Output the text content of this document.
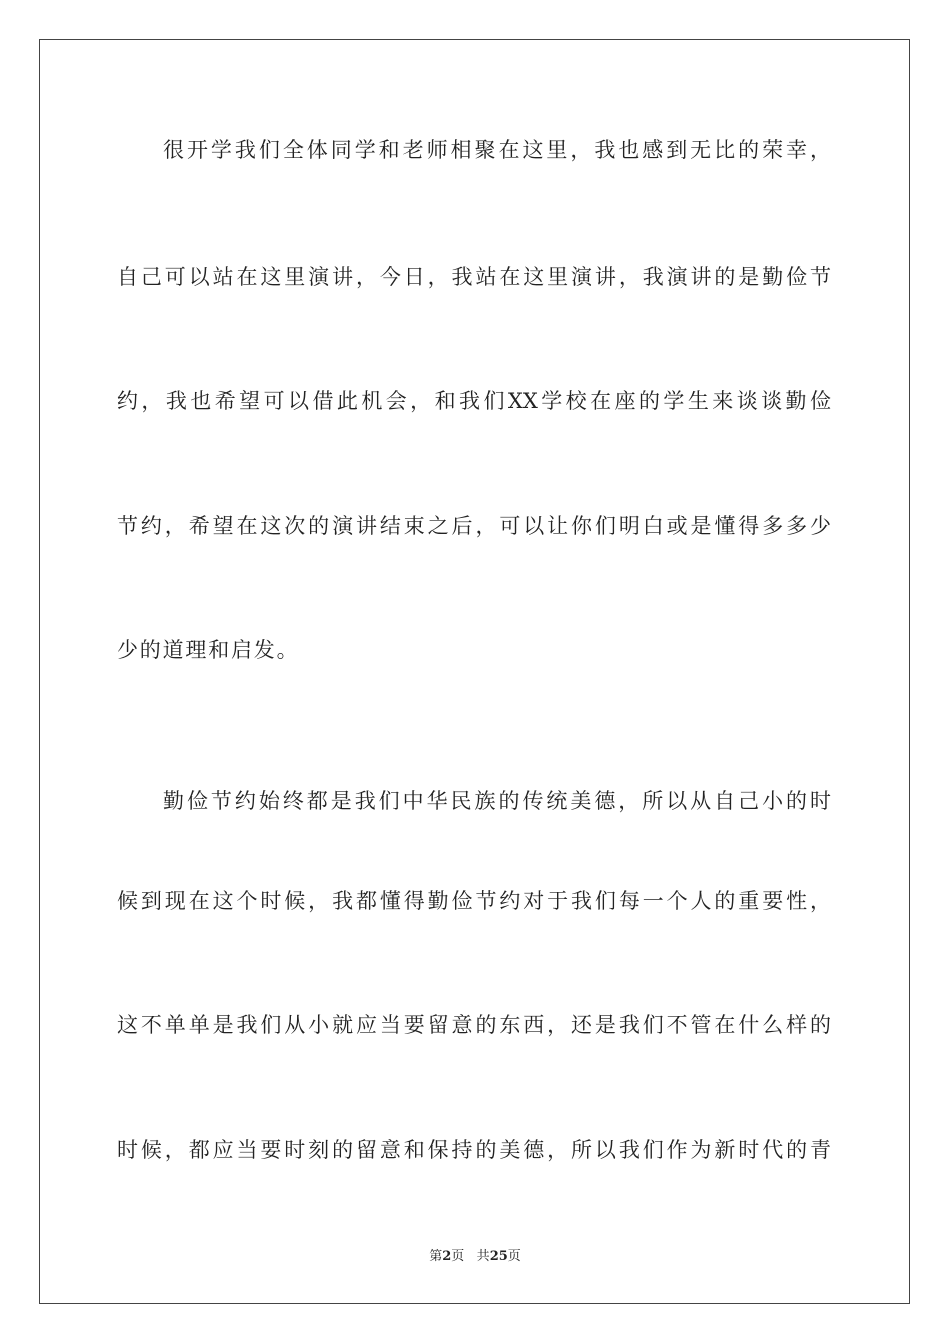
很开学我们全体同学和老师相聚在这里，我也感到无比的荣幸，
自己可以站在这里演讲，今日，我站在这里演讲，我演讲的是勤俭节
约，我也希望可以借此机会，和我们XX学校在座的学生来谈谈勤俭
节约，希望在这次的演讲结束之后，可以让你们明白或是懂得多多少
少的道理和启发。
勤俭节约始终都是我们中华民族的传统美德，所以从自己小的时
候到现在这个时候，我都懂得勤俭节约对于我们每一个人的重要性，
这不单单是我们从小就应当要留意的东西，还是我们不管在什么样的
时候，都应当要时刻的留意和保持的美德，所以我们作为新时代的青
第2页 共25页
